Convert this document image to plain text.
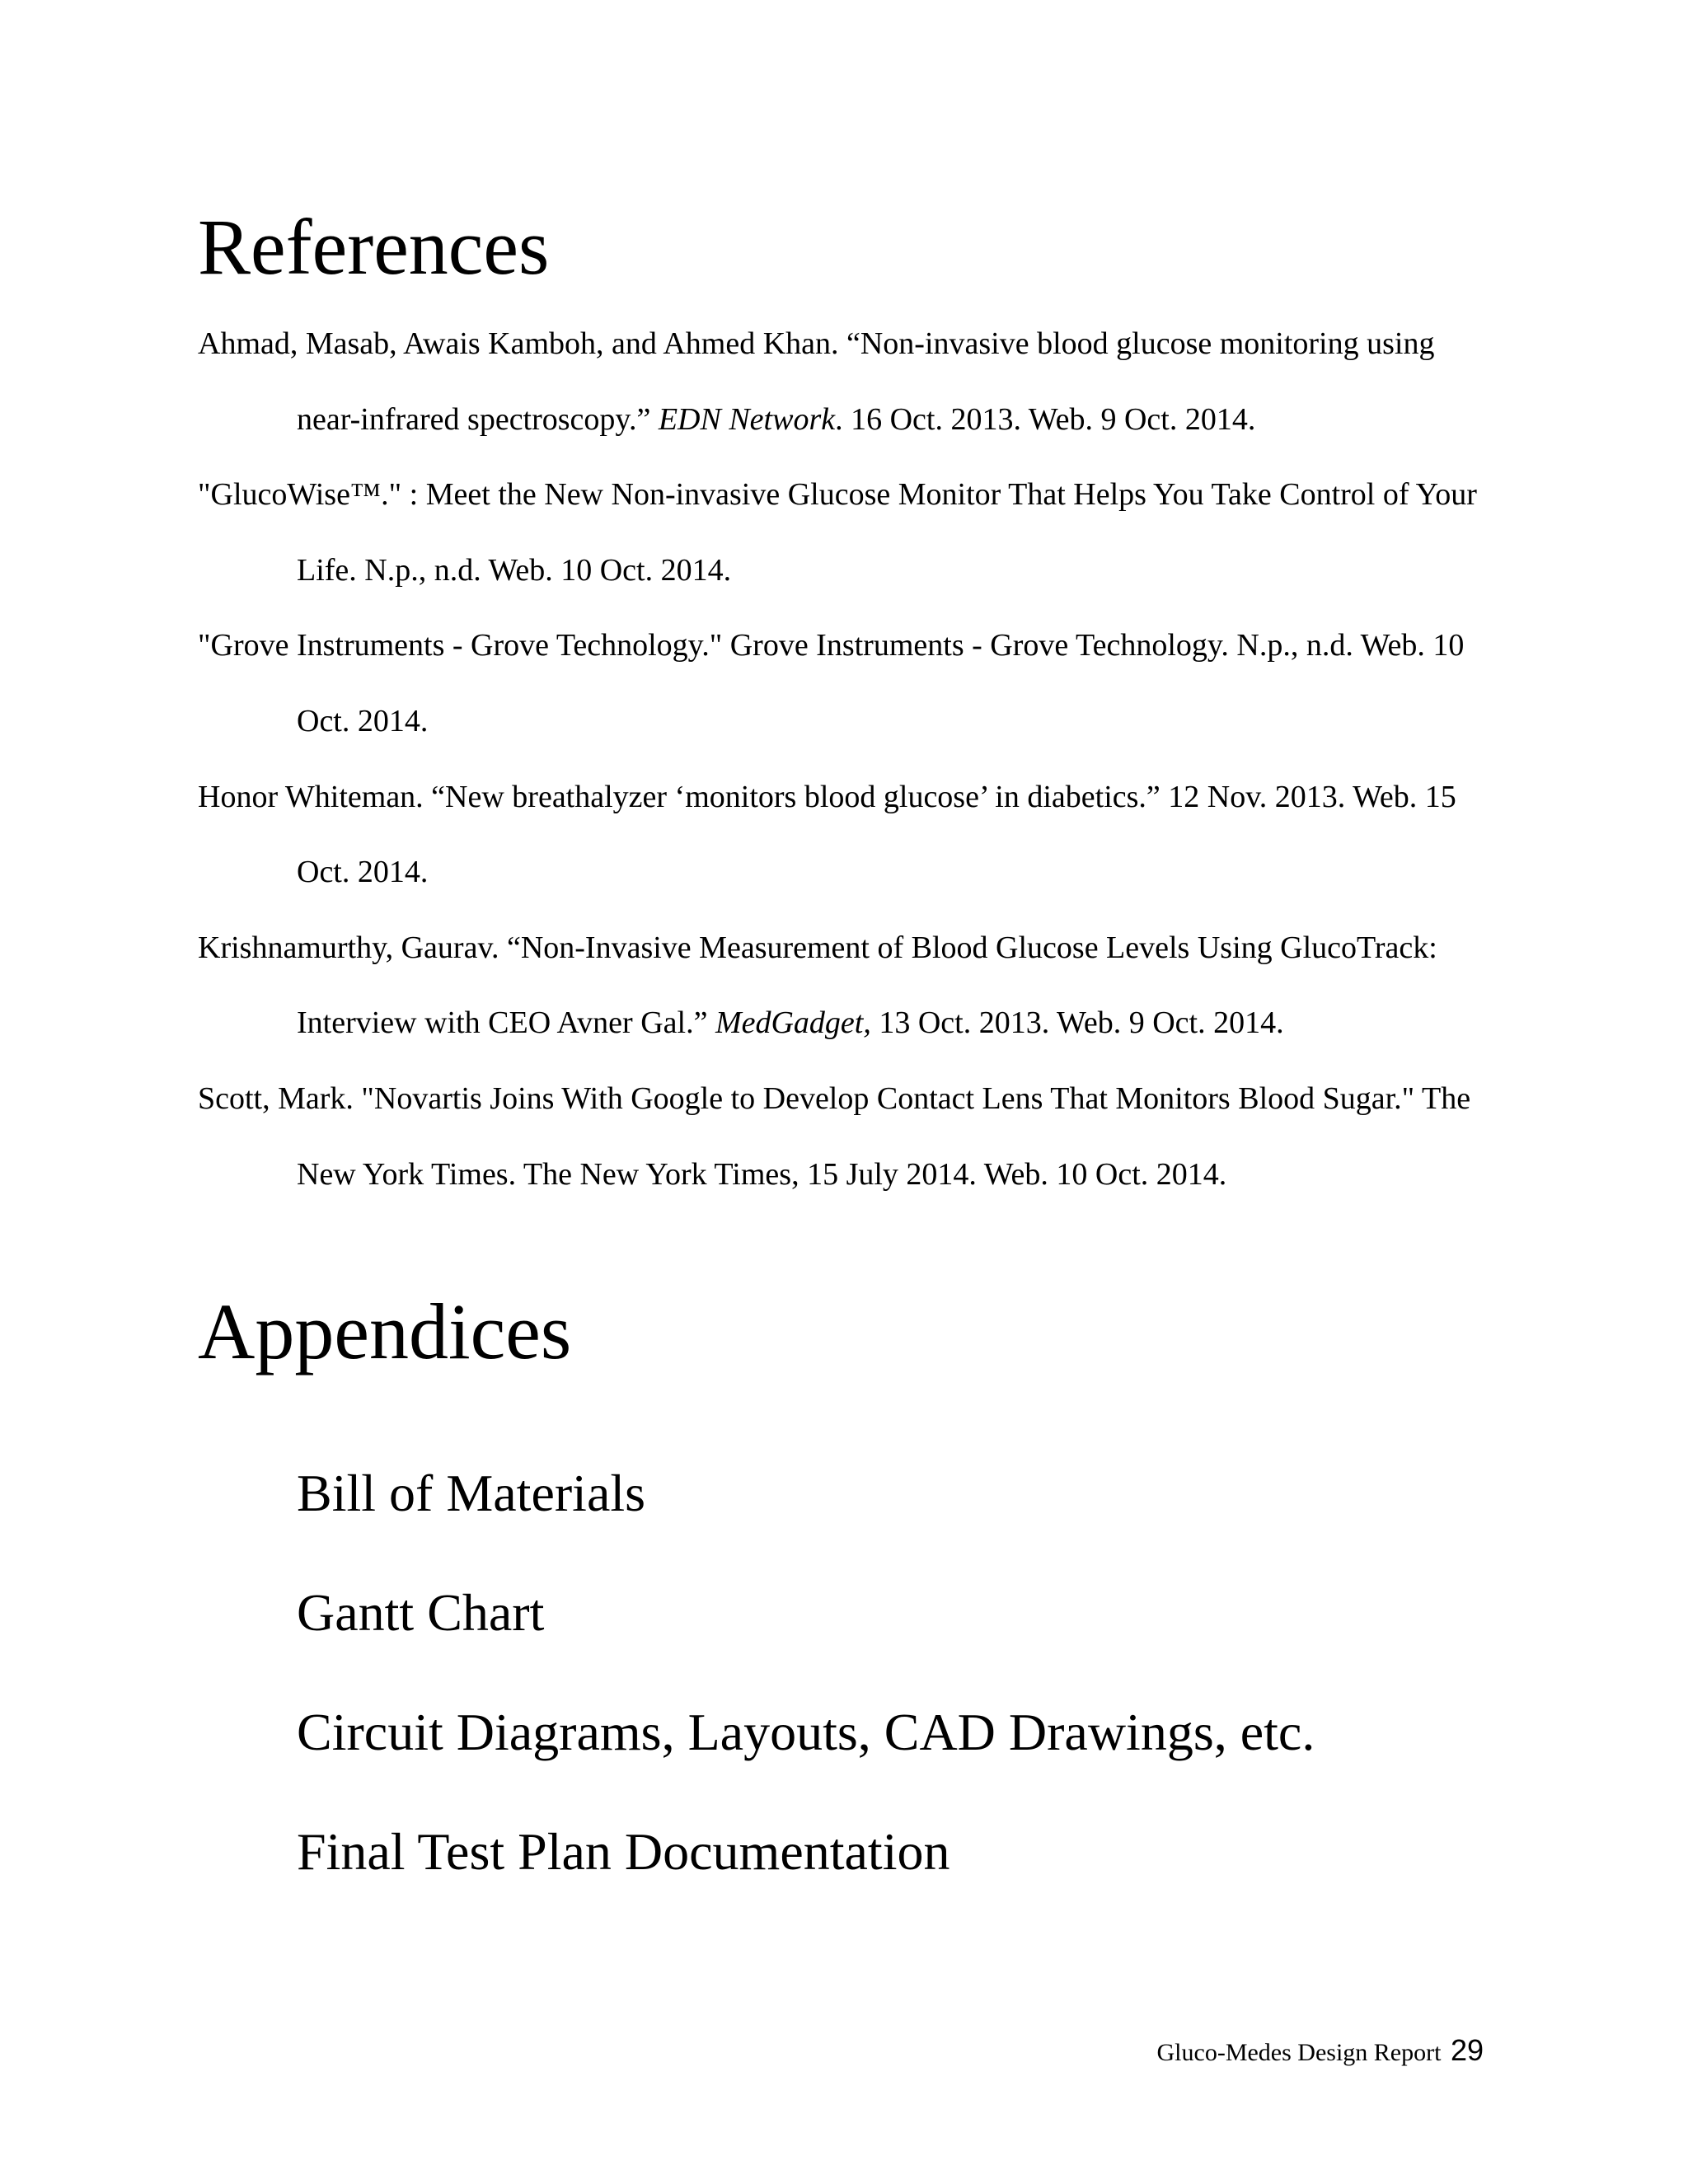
References
Ahmad, Masab, Awais Kamboh, and Ahmed Khan. “Non-invasive blood glucose monitoring using near-infrared spectroscopy.” EDN Network. 16 Oct. 2013. Web. 9 Oct. 2014.
"GlucoWise™." : Meet the New Non-invasive Glucose Monitor That Helps You Take Control of Your Life. N.p., n.d. Web. 10 Oct. 2014.
"Grove Instruments - Grove Technology." Grove Instruments - Grove Technology. N.p., n.d. Web. 10 Oct. 2014.
Honor Whiteman. “New breathalyzer ‘monitors blood glucose’ in diabetics.” 12 Nov. 2013. Web. 15 Oct. 2014.
Krishnamurthy, Gaurav. “Non-Invasive Measurement of Blood Glucose Levels Using GlucoTrack: Interview with CEO Avner Gal.” MedGadget, 13 Oct. 2013. Web. 9 Oct. 2014.
Scott, Mark. "Novartis Joins With Google to Develop Contact Lens That Monitors Blood Sugar." The New York Times. The New York Times, 15 July 2014. Web. 10 Oct. 2014.
Appendices
Bill of Materials
Gantt Chart
Circuit Diagrams, Layouts, CAD Drawings, etc.
Final Test Plan Documentation
Gluco-Medes Design Report 29
